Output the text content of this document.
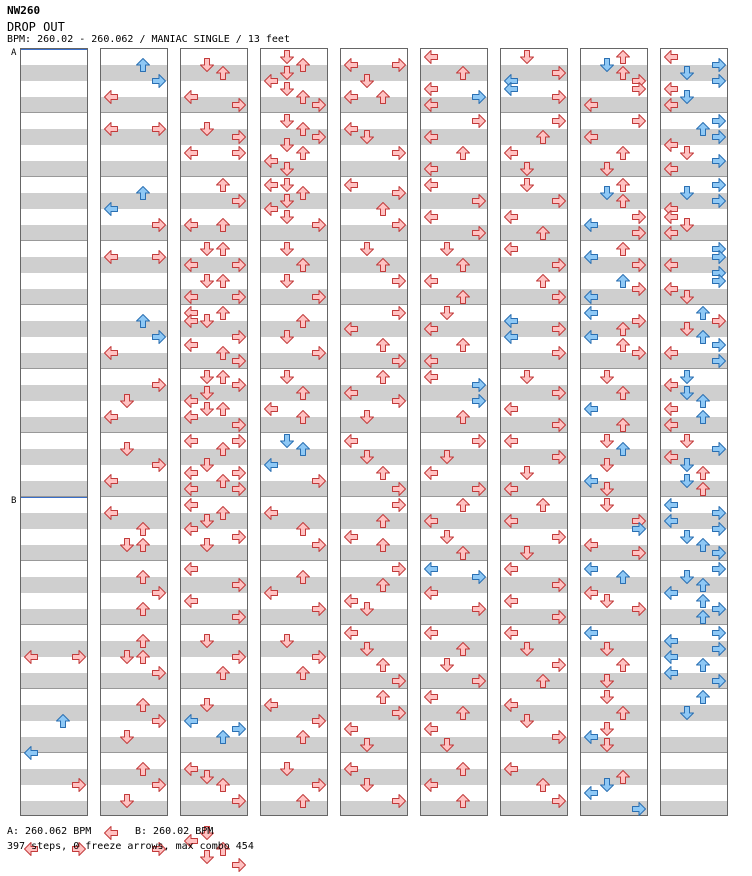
NW260
DROP OUT
BPM: 260.02 - 260.062 / MANIAC SINGLE / 13 feet
A
B
A: 260.062 BPM	B: 260.02 BPM
397 steps, 0 freeze arrows, max combo 454
